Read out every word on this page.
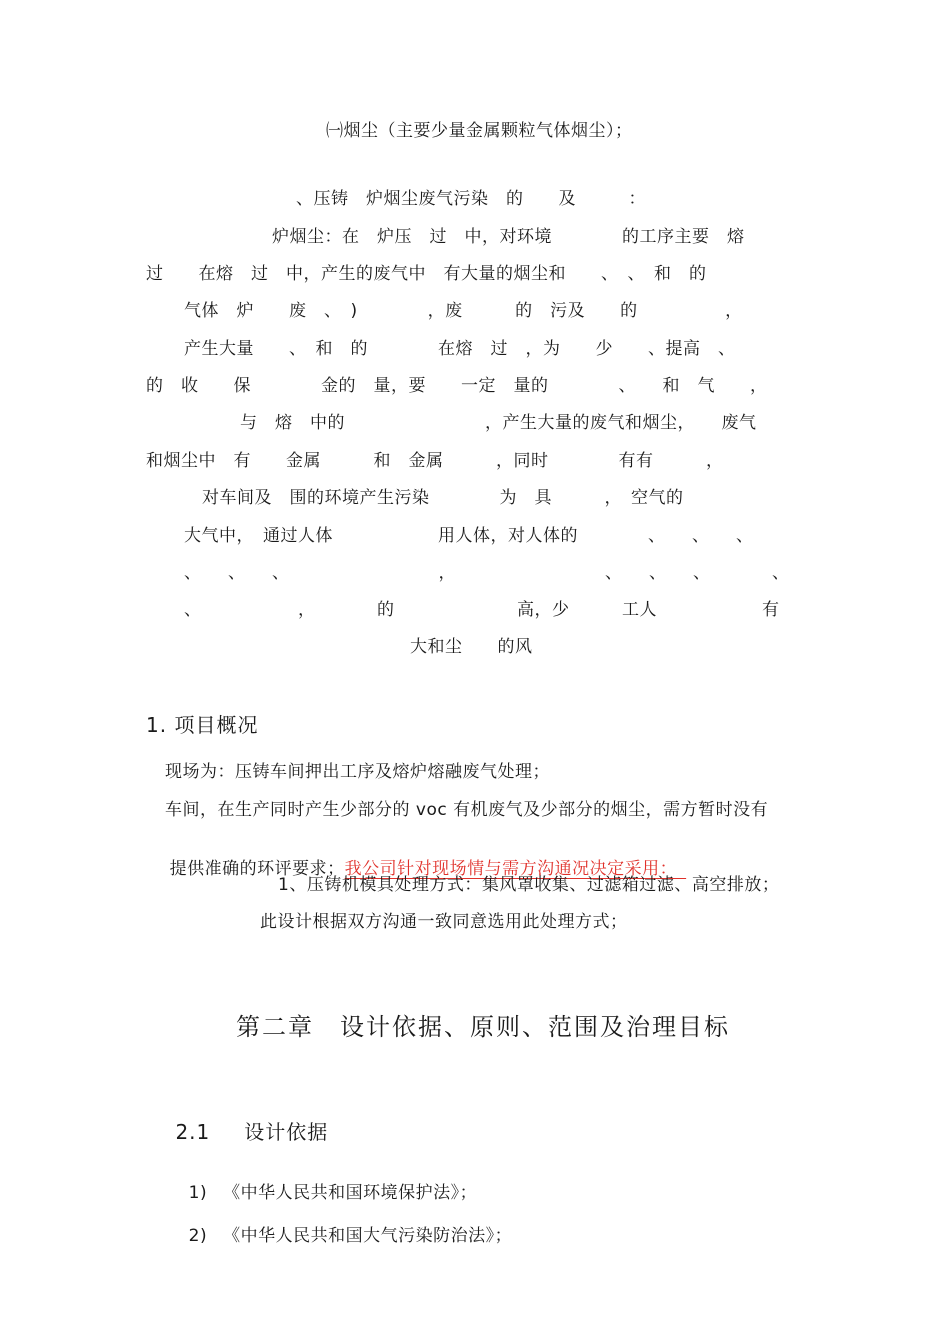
㈠烟尘（主要少量金属颗粒气体烟尘）；
、压铸　炉烟尘废气污染　的　　及　　　：
炉烟尘：在　炉压　过　中，对环境　　　　的工序主要　熔
过　　在熔　过　中，产生的废气中　有大量的烟尘和　　、　、　和　的
气体　炉　　废　、　)　　　　，废　　　的　污及　　的　　　　　，
产生大量　　、　和　的　　　　在熔　过　，为　　少　　、提高　、
的　收　　保　　　　金的　量，要　　一定　量的　　　　、　　和　气　　，
与　熔　中的　　　　　　　　，产生大量的废气和烟尘，　　废气
和烟尘中　有　　金属　　　和　金属　　　，同时　　　　有有　　　，
对车间及　围的环境产生污染　　　　为　具　　　，　空气的
大气中，　通过人体　　　　　　用人体，对人体的　　　　、　　、　　、
、　　、　　、　　　　　　　　　，　　　　　　　　　、　　、　　、　　　　、
、　　　　　　，　　　　的　　　　　　　高，少　　　工人　　　　　　有
大和尘　　的风
1. 项目概况
现场为：压铸车间押出工序及熔炉熔融废气处理；
车间，在生产同时产生少部分的 voc 有机废气及少部分的烟尘，需方暂时没有

提供准确的环评要求；我公司针对现场情与需方沟通况决定采用：　

1、压铸机模具处理方式：集风罩收集、过滤箱过滤、高空排放；
此设计根据双方沟通一致同意选用此处理方式；
第二章　设计依据、原则、范围及治理目标

2.1 设计依据

1) 《中华人民共和国环境保护法》；

2) 《中华人民共和国大气污染防治法》；
